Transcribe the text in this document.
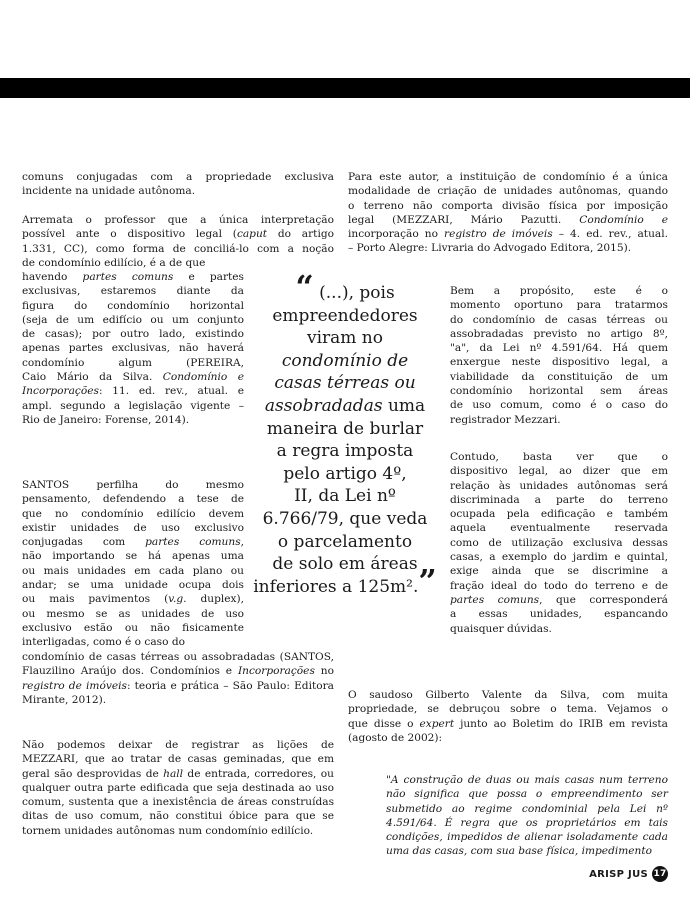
comuns conjugadas com a propriedade exclusiva
incidente na unidade autônoma.
Arremata o professor que a única interpretação
possível ante o dispositivo legal (caput do artigo
1.331, CC), como forma de conciliá-lo com a noção
de condomínio edilício, é a de que
havendo partes comuns e partes
exclusivas, estaremos diante da
figura do condomínio horizontal
(seja de um edifício ou um conjunto
de casas); por outro lado, existindo
apenas partes exclusivas, não haverá
condomínio algum (PEREIRA,
Caio Mário da Silva. Condomínio e
Incorporações: 11. ed. rev., atual. e
ampl. segundo a legislação vigente –
Rio de Janeiro: Forense, 2014).
SANTOS perfilha do mesmo
pensamento, defendendo a tese de
que no condomínio edilício devem
existir unidades de uso exclusivo
conjugadas com partes comuns,
não importando se há apenas uma
ou mais unidades em cada plano ou
andar; se uma unidade ocupa dois
ou mais pavimentos (v.g. duplex),
ou mesmo se as unidades de uso
exclusivo estão ou não fisicamente
interligadas, como é o caso do
condomínio de casas térreas ou assobradadas (SANTOS,
Flauzilino Araújo dos. Condomínios e Incorporações no
registro de imóveis: teoria e prática – São Paulo: Editora
Mirante, 2012).
Não podemos deixar de registrar as lições de
MEZZARI, que ao tratar de casas geminadas, que em
geral são desprovidas de hall de entrada, corredores, ou
qualquer outra parte edificada que seja destinada ao uso
comum, sustenta que a inexistência de áreas construídas
ditas de uso comum, não constitui óbice para que se
tornem unidades autônomas num condomínio edilício.
“ (...), pois
empreendedores
viram no
condomínio de
casas térreas ou
assobradadas uma
maneira de burlar
a regra imposta
pelo artigo 4º,
II, da Lei nº
6.766/79, que veda
o parcelamento
de solo em áreas
inferiores a 125m².”
Para este autor, a instituição de condomínio é a única
modalidade de criação de unidades autônomas, quando
o terreno não comporta divisão física por imposição
legal (MEZZARI, Mário Pazutti. Condomínio e
incorporação no registro de imóveis – 4. ed. rev., atual.
– Porto Alegre: Livraria do Advogado Editora, 2015).
Bem a propósito, este é o
momento oportuno para tratarmos
do condomínio de casas térreas ou
assobradadas previsto no artigo 8º,
"a", da Lei nº 4.591/64. Há quem
enxergue neste dispositivo legal, a
viabilidade da constituição de um
condomínio horizontal sem áreas
de uso comum, como é o caso do
registrador Mezzari.
Contudo, basta ver que o
dispositivo legal, ao dizer que em
relação às unidades autônomas será
discriminada a parte do terreno
ocupada pela edificação e também
aquela eventualmente reservada
como de utilização exclusiva dessas
casas, a exemplo do jardim e quintal,
exige ainda que se discrimine a
fração ideal do todo do terreno e de
partes comuns, que corresponderá
a essas unidades, espancando
quaisquer dúvidas.
O saudoso Gilberto Valente da Silva, com muita
propriedade, se debruçou sobre o tema. Vejamos o
que disse o expert junto ao Boletim do IRIB em revista
(agosto de 2002):
"A construção de duas ou mais casas num terreno
não significa que possa o empreendimento ser
submetido ao regime condominial pela Lei nº
4.591/64. É regra que os proprietários em tais
condições, impedidos de alienar isoladamente cada
uma das casas, com sua base física, impedimento
ARISP JUS 17
